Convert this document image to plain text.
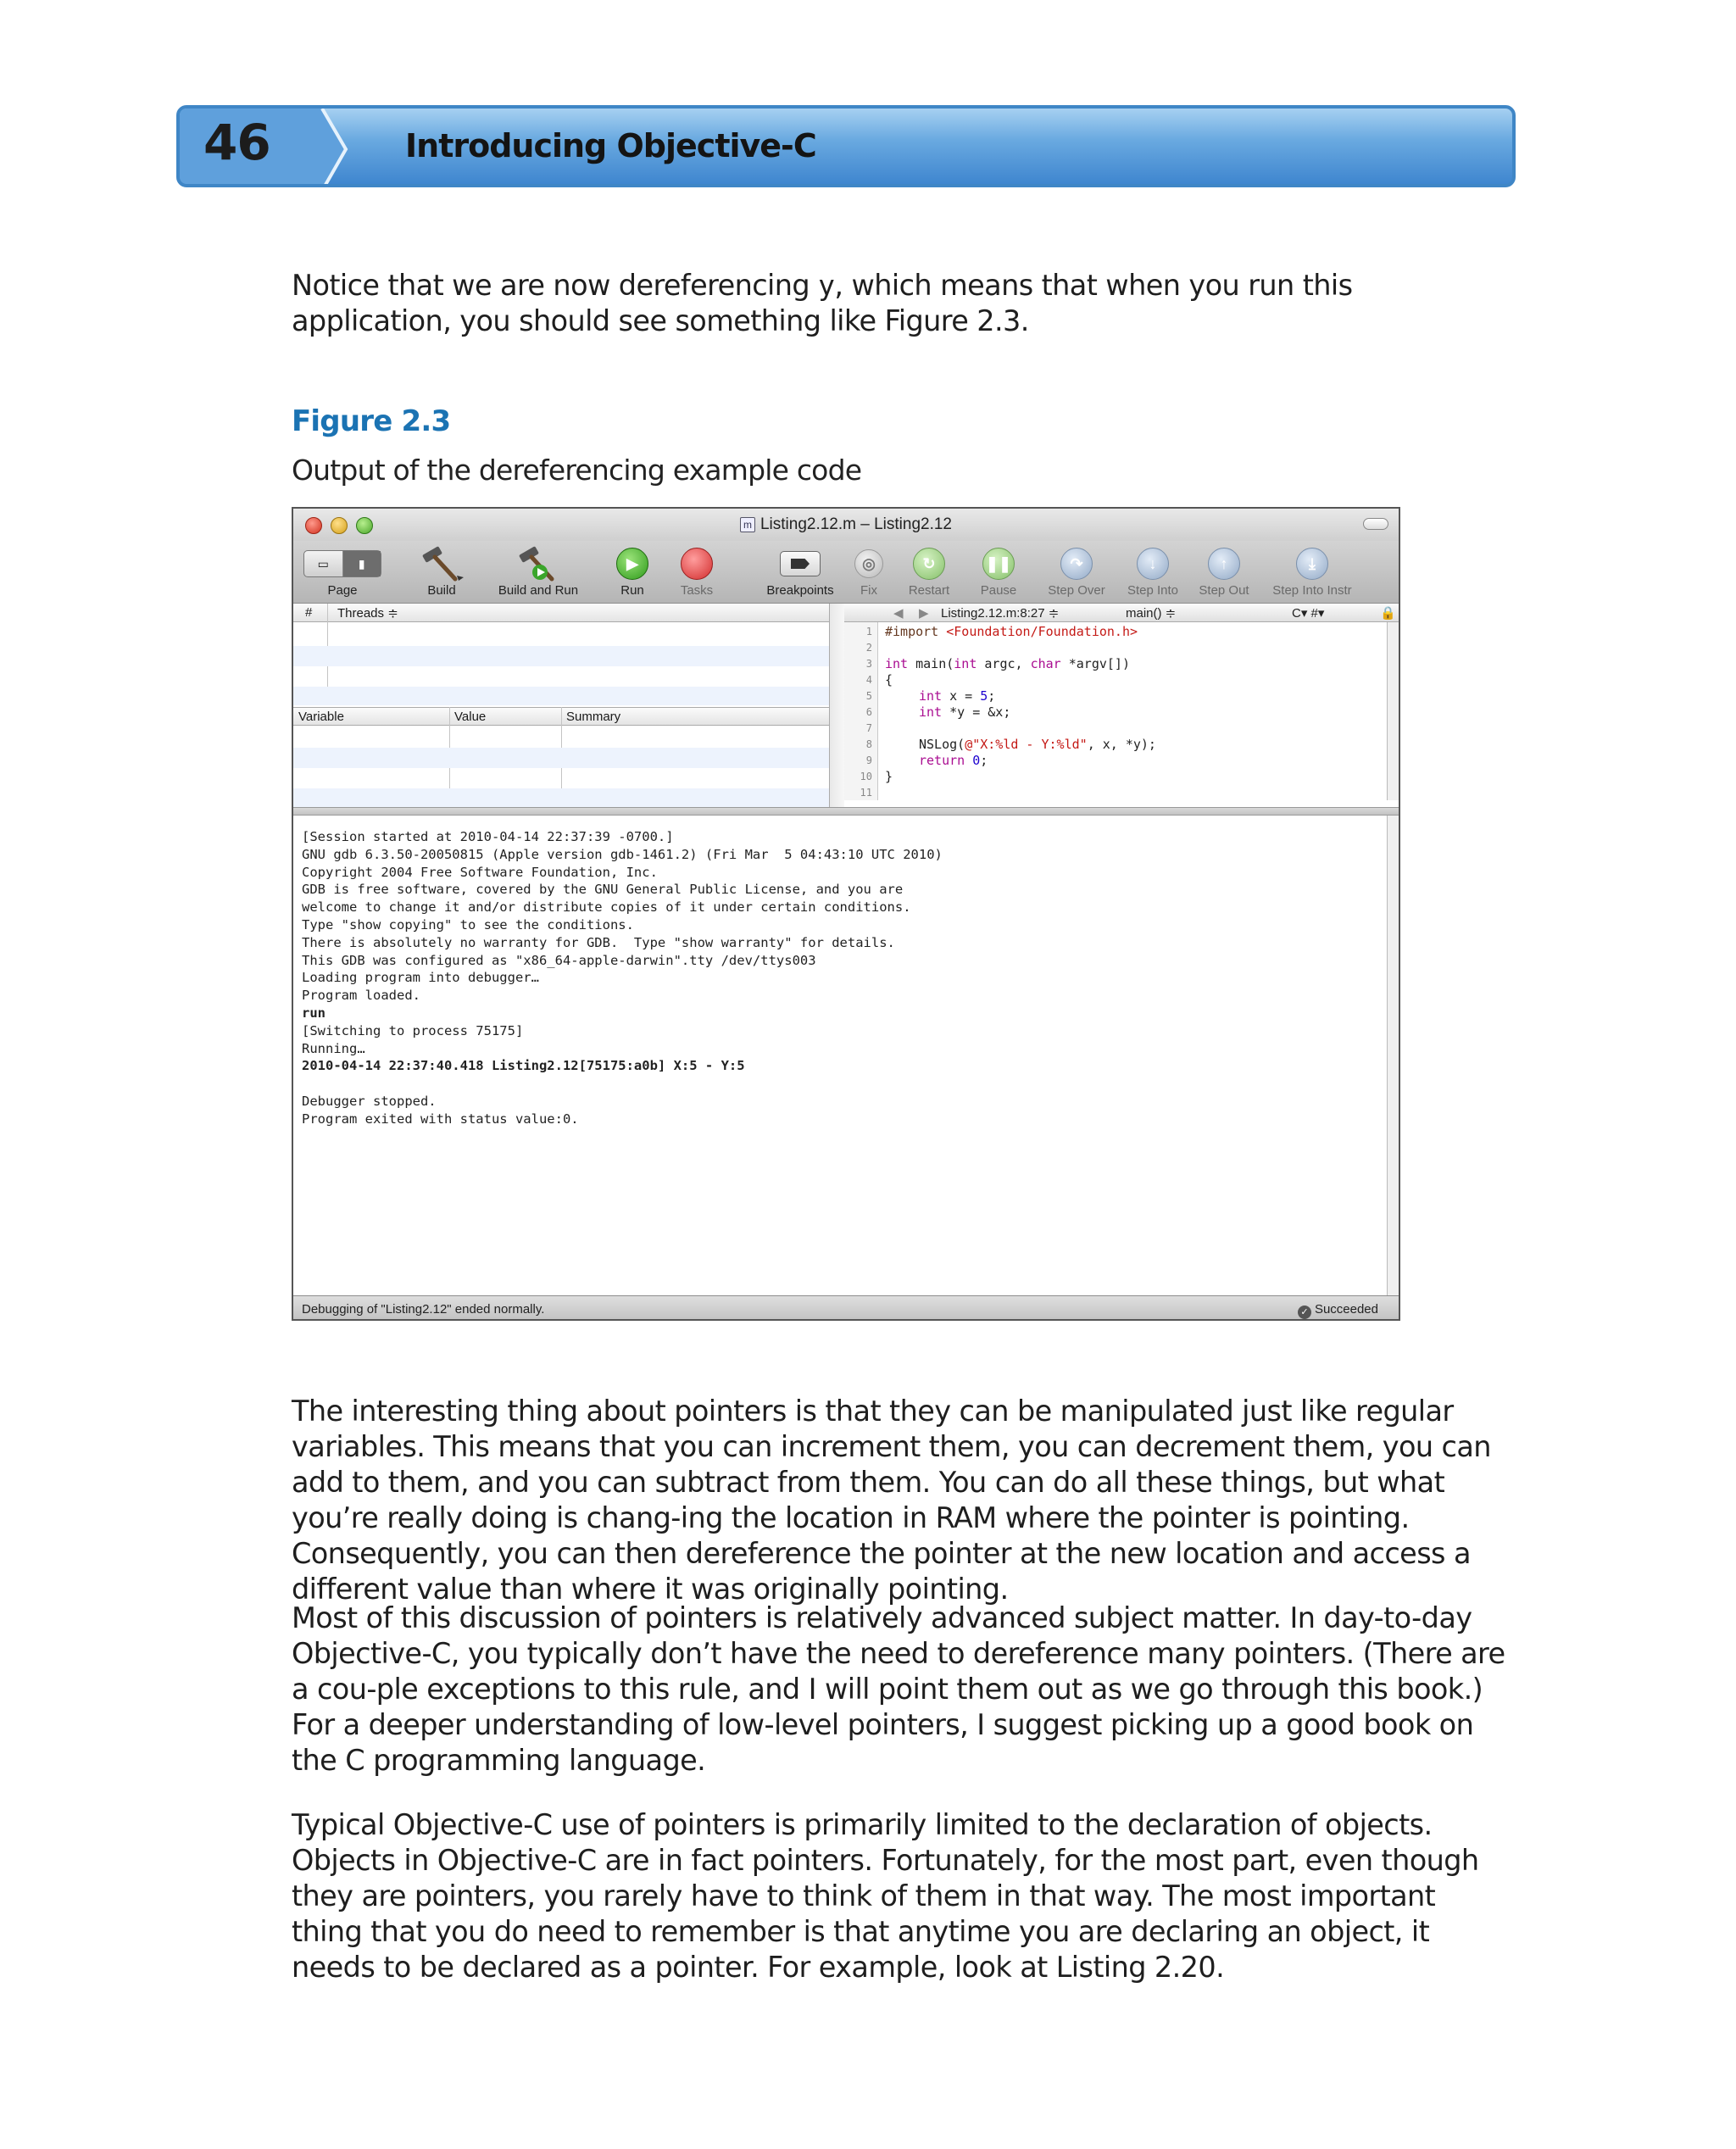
46	Introducing Objective-C
Notice that we are now dereferencing y, which means that when you run this application, you should see something like Figure 2.3.
Figure 2.3
Output of the dereferencing example code
m Listing2.12.m – Listing2.12
▭	▮
Page	Build	Build and Run
▶
Run	Tasks	Breakpoints
◎
Fix
↻
Restart
❚❚
Pause
↷
Step Over
↓
Step Into
↑
Step Out
⤓
Step Into Instr
# Threads ≑
Variable	Value	Summary
◀ ▶ Listing2.12.m:8:27 ≑	main() ≑	C▾ #▾	🔒
1
2
3
4
5
6
7
8
9
10
11
#import <Foundation/Foundation.h>
int main(int argc, char *argv[])
{
int x = 5;
int *y = &x;
NSLog(@"X:%ld - Y:%ld", x, *y);
return 0;
}
[Session started at 2010-04-14 22:37:39 -0700.]
GNU gdb 6.3.50-20050815 (Apple version gdb-1461.2) (Fri Mar  5 04:43:10 UTC 2010)
Copyright 2004 Free Software Foundation, Inc.
GDB is free software, covered by the GNU General Public License, and you are
welcome to change it and/or distribute copies of it under certain conditions.
Type "show copying" to see the conditions.
There is absolutely no warranty for GDB.  Type "show warranty" for details.
This GDB was configured as "x86_64-apple-darwin".tty /dev/ttys003
Loading program into debugger…
Program loaded.
run
[Switching to process 75175]
Running…
2010-04-14 22:37:40.418 Listing2.12[75175:a0b] X:5 - Y:5
Debugger stopped.
Program exited with status value:0.
Debugging of "Listing2.12" ended normally.	✓ Succeeded
The interesting thing about pointers is that they can be manipulated just like regular variables. This means that you can increment them, you can decrement them, you can add to them, and you can subtract from them. You can do all these things, but what you’re really doing is chang-ing the location in RAM where the pointer is pointing. Consequently, you can then dereference the pointer at the new location and access a different value than where it was originally pointing.
Most of this discussion of pointers is relatively advanced subject matter. In day-to-day Objective-C, you typically don’t have the need to dereference many pointers. (There are a cou-ple exceptions to this rule, and I will point them out as we go through this book.) For a deeper understanding of low-level pointers, I suggest picking up a good book on the C programming language.
Typical Objective-C use of pointers is primarily limited to the declaration of objects. Objects in Objective-C are in fact pointers. Fortunately, for the most part, even though they are pointers, you rarely have to think of them in that way. The most important thing that you do need to remember is that anytime you are declaring an object, it needs to be declared as a pointer. For example, look at Listing 2.20.
